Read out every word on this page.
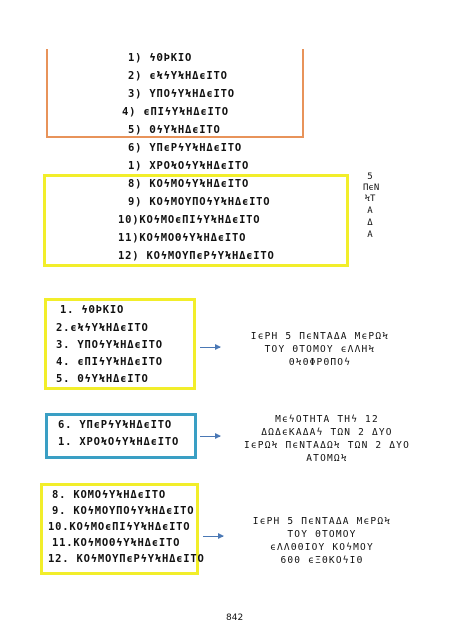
1) ϟΘϷΚΙΟ
2) ϵϞϟΥϞΗΔϵΙΤΟ
3) ΥΠΟϟΥϞΗΔϵΙΤΟ
4) ϵΠΙϟΥϞΗΔϵΙΤΟ
5) ΘϟΥϞΗΔϵΙΤΟ
6) ΥΠϵΡϟΥϞΗΔϵΙΤΟ
1) ΧΡΟϞΟϟΥϞΗΔϵΙΤΟ
8) ΚΟϟΜΟϟΥϞΗΔϵΙΤΟ
9) ΚΟϟΜΟΥΠΟϟΥϞΗΔϵΙΤΟ
10)ΚΟϟΜΟϵΠΙϟΥϞΗΔϵΙΤΟ
11)ΚΟϟΜΟΘϟΥϞΗΔϵΙΤΟ
12) ΚΟϟΜΟΥΠϵΡϟΥϞΗΔϵΙΤΟ
5
ΠϵΝ
ϞΤ
Α
Δ
Α
1. ϟΘϷΚΙΟ
2.ϵϞϟΥϞΗΔϵΙΤΟ
3. ΥΠΟϟΥϞΗΔϵΙΤΟ
4. ϵΠΙϟΥϞΗΔϵΙΤΟ
5. ΘϟΥϞΗΔϵΙΤΟ
ΙϵΡΗ 5 ΠϵΝΤΑΔΑ ΜϵΡΩϞ
ΤΟΥ ΘΤΟΜΟΥ ϵΛΛΗϞ
ΘϞΘΦΡΘΠΟϟ
6. ΥΠϵΡϟΥϞΗΔϵΙΤΟ
1. ΧΡΟϞΟϟΥϞΗΔϵΙΤΟ
ΜϵϟΟΤΗΤΑ ΤΗϟ 12
ΔΩΔϵΚΑΔΑϟ ΤΩΝ 2 ΔΥΟ
ΙϵΡΩϞ ΠϵΝΤΑΔΩϞ ΤΩΝ 2 ΔΥΟ
ΑΤΟΜΩϞ
8. ΚΟΜΟϟΥϞΗΔϵΙΤΟ
9. ΚΟϟΜΟΥΠΟϟΥϞΗΔϵΙΤΟ
10.ΚΟϟΜΟϵΠΙϟΥϞΗΔϵΙΤΟ
11.ΚΟϟΜΟΘϟΥϞΗΔϵΙΤΟ
12. ΚΟϟΜΟΥΠϵΡϟΥϞΗΔϵΙΤΟ
ΙϵΡΗ 5 ΠϵΝΤΑΔΑ ΜϵΡΩϞ
ΤΟΥ ΘΤΟΜΟΥ
ϵΛΛΘΘΙΟΥ ΚΟϟΜΟΥ
600 ϵΞΘΚΟϟΙΘ
842
